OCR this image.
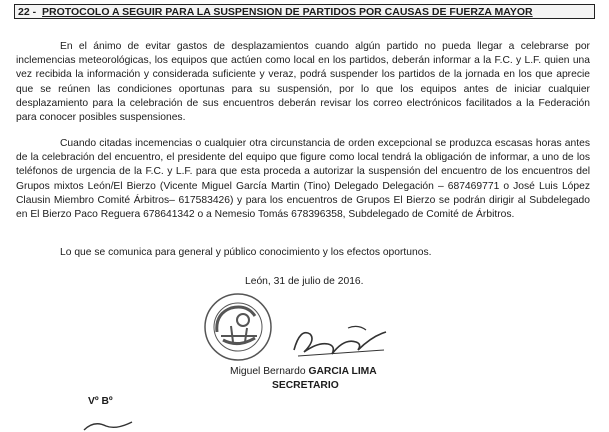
22 - PROTOCOLO A SEGUIR PARA LA SUSPENSION DE PARTIDOS POR CAUSAS DE FUERZA MAYOR

En el ánimo de evitar gastos de desplazamientos cuando algún partido no pueda llegar a celebrarse por inclemencias meteorológicas, los equipos que actúen como local en los partidos, deberán informar a la F.C. y L.F. quien una vez recibida la información y considerada suficiente y veraz, podrá suspender los partidos de la jornada en los que aprecie que se reúnen las condiciones oportunas para su suspensión, por lo que los equipos antes de iniciar cualquier desplazamiento para la celebración de sus encuentros deberán revisar los correo electrónicos facilitados a la Federación para conocer posibles suspensiones.

Cuando citadas incemencias o cualquier otra circunstancia de orden excepcional se produzca escasas horas antes de la celebración del encuentro, el presidente del equipo que figure como local tendrá la obligación de informar, a uno de los teléfonos de urgencia de la F.C. y L.F. para que esta proceda a autorizar la suspensión del encuentro de los encuentros del Grupos mixtos León/El Bierzo (Vicente Miguel García Martin (Tino) Delegado Delegación – 687469771 o José Luis López Clausin Miembro Comité Árbitros– 617583426) y para los encuentros de Grupos El Bierzo se podrán dirigir al Subdelegado en El Bierzo Paco Reguera 678641342 o a Nemesio Tomás 678396358, Subdelegado de Comité de Árbitros.

Lo que se comunica para general y público conocimiento y los efectos oportunos.

León, 31 de julio de 2016.
Miguel Bernardo GARCIA LIMA
SECRETARIO
Vº Bº
